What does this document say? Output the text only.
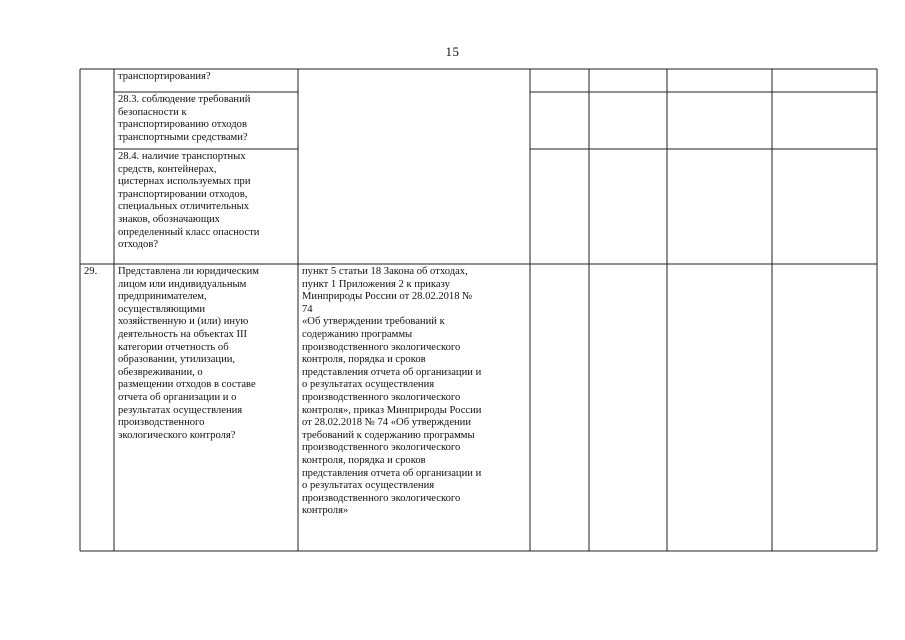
15
транспортирования?
28.3. соблюдение требований
безопасности к
транспортированию отходов
транспортными средствами?
28.4. наличие транспортных
средств, контейнерах,
цистернах используемых при
транспортировании отходов,
специальных отличительных
знаков, обозначающих
определенный класс опасности
отходов?
29. Представлена ли юридическим
лицом или индивидуальным
предпринимателем,
осуществляющими
хозяйственную и (или) иную
деятельность на объектах III
категории отчетность об
образовании, утилизации,
обезвреживании, о
размещении отходов в составе
отчета об организации и о
результатах осуществления
производственного
экологического контроля?
пункт 5 статьи 18 Закона об отходах,
пункт 1 Приложения 2 к приказу
Минприроды России от 28.02.2018 №
74
«Об утверждении требований к
содержанию программы
производственного экологического
контроля, порядка и сроков
представления отчета об организации и
о результатах осуществления
производственного экологического
контроля», приказ Минприроды России
от 28.02.2018 № 74 «Об утверждении
требований к содержанию программы
производственного экологического
контроля, порядка и сроков
представления отчета об организации и
о результатах осуществления
производственного экологического
контроля»
